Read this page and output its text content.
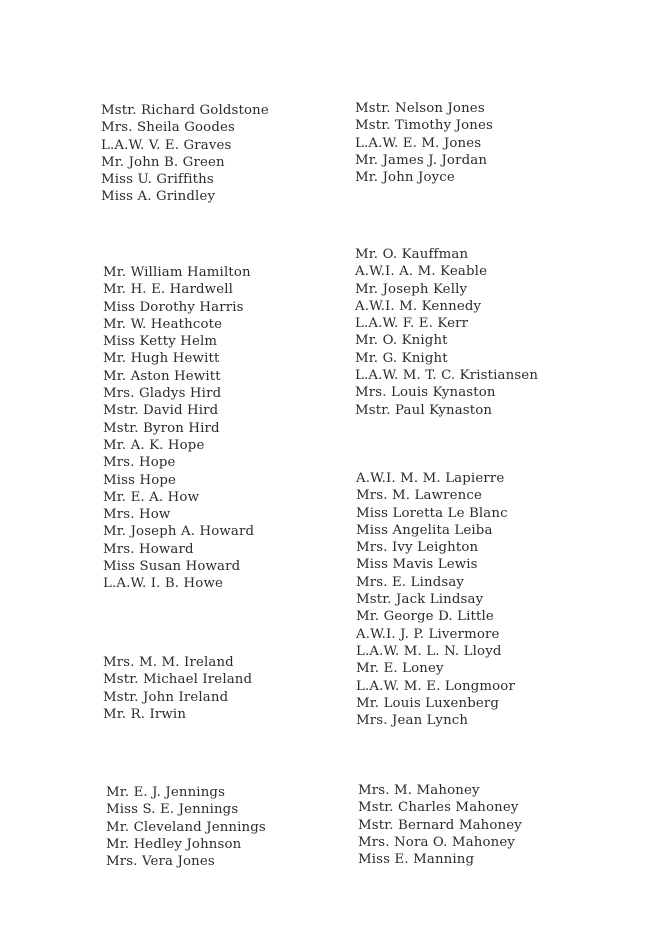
Mstr. Richard Goldstone
Mrs. Sheila Goodes
L.A.W. V. E. Graves
Mr. John B. Green
Miss U. Griffiths
Miss A. Grindley
Mr. William Hamilton
Mr. H. E. Hardwell
Miss Dorothy Harris
Mr. W. Heathcote
Miss Ketty Helm
Mr. Hugh Hewitt
Mr. Aston Hewitt
Mrs. Gladys Hird
Mstr. David Hird
Mstr. Byron Hird
Mr. A. K. Hope
Mrs. Hope
Miss Hope
Mr. E. A. How
Mrs. How
Mr. Joseph A. Howard
Mrs. Howard
Miss Susan Howard
L.A.W. I. B. Howe
Mrs. M. M. Ireland
Mstr. Michael Ireland
Mstr. John Ireland
Mr. R. Irwin
Mr. E. J. Jennings
Miss S. E. Jennings
Mr. Cleveland Jennings
Mr. Hedley Johnson
Mrs. Vera Jones
Mstr. Nelson Jones
Mstr. Timothy Jones
L.A.W. E. M. Jones
Mr. James J. Jordan
Mr. John Joyce
Mr. O. Kauffman
A.W.I. A. M. Keable
Mr. Joseph Kelly
A.W.I. M. Kennedy
L.A.W. F. E. Kerr
Mr. O. Knight
Mr. G. Knight
L.A.W. M. T. C. Kristiansen
Mrs. Louis Kynaston
Mstr. Paul Kynaston
A.W.I. M. M. Lapierre
Mrs. M. Lawrence
Miss Loretta Le Blanc
Miss Angelita Leiba
Mrs. Ivy Leighton
Miss Mavis Lewis
Mrs. E. Lindsay
Mstr. Jack Lindsay
Mr. George D. Little
A.W.I. J. P. Livermore
L.A.W. M. L. N. Lloyd
Mr. E. Loney
L.A.W. M. E. Longmoor
Mr. Louis Luxenberg
Mrs. Jean Lynch
Mrs. M. Mahoney
Mstr. Charles Mahoney
Mstr. Bernard Mahoney
Mrs. Nora O. Mahoney
Miss E. Manning
